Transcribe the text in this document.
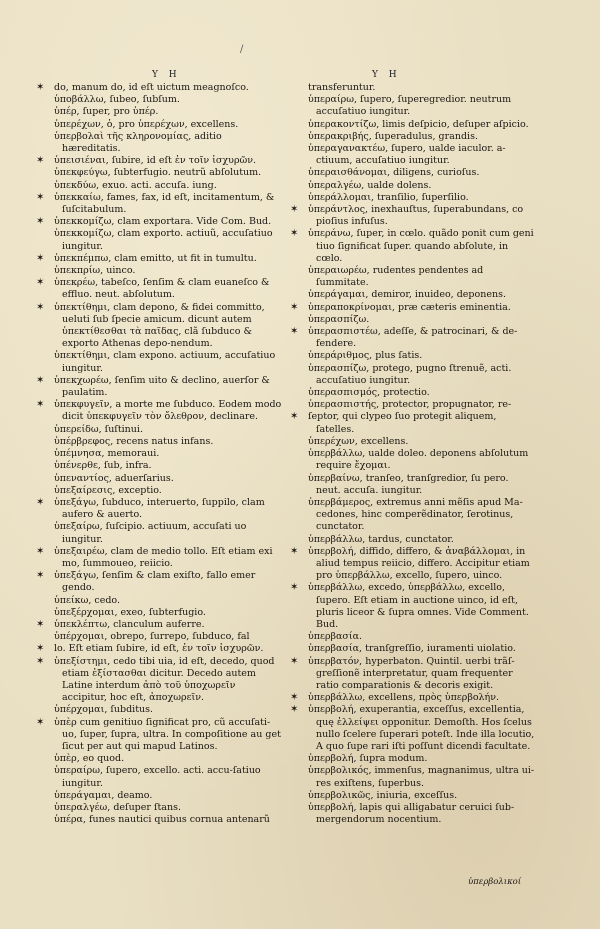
/
Y H	Y H

✶ do, manum do, id eſt uictum meagnoſco.

ὑποβάλλω, ſubeo, ſubſum.

ὑπέρ, ſuper, pro ὑπέρ.

ὑπερέχων, ὁ, pro ὑπερέχων, excellens.

ὑπερβολαὶ τῆς κληρονομίας, aditio hæreditatis.

✶ ὑπεισιέναι, ſubire, id eſt ἐν τοῖν ἰσχυρῶν.

ὑπεκφεύγω, ſubterfugio. neutrũ abſolutum.

ὑπεκδύω, exuo. acti. accuſa. iung.

✶ ὑπεκκαίω, fames, fax, id eſt, incitamentum, & ſuſcitabulum.

✶ ὑπεκκομίζω, clam exportara. Vide Com. Bud.

ὑπεκκομίζω, clam exporto. actiuũ, accuſatiuo iungitur.

✶ ὑπεκπέμπω, clam emitto, ut fit in tumultu.

ὑπεκπρίω, uinco.

✶ ὑπεκρέω, tabeſco, ſenſim & clam euaneſco & effluo. neut. abſolutum.

✶ ὑπεκτίθημι, clam depono, & fidei committo, ueluti ſub ſpecie amicum. dicunt autem ὑπεκτίθεσθαι τὰ παῖδας, clã ſubduco & exporto Athenas depo-nendum.

ὑπεκτίθημι, clam expono. actiuum, accuſatiuo iungitur.

✶ ὑπεκχωρέω, ſenſim uito & declino, auerſor & paulatim.

✶ ὑπεκφυγεῖν, a morte me ſubduco. Eodem modo dicit ὑπεκφυγεῖν τὸν ὄλεθρον, declinare.

ὑπερείδω, ſuſtinui.

ὑπέρβρεφος, recens natus infans.

ὑπέμνησα, memoraui.

ὑπένερθε, ſub, infra.

ὑπεναντίος, aduerſarius.

ὑπεξαίρεσις, exceptio.

✶ ὑπεξάγω, ſubduco, interuerto, ſuppilo, clam aufero & auerto.

ὑπεξαίρω, ſuſcipio. actiuum, accuſati uo iungitur.

✶ ὑπεξαιρέω, clam de medio tollo. Eſt etiam exi mo, ſummoueo, reiicio.

✶ ὑπεξάγω, ſenſim & clam exiſto, fallo emer gendo.

ὑπείκω, cedo.

ὑπεξέρχομαι, exeo, ſubterfugio.

✶ ὑπεκλέπτω, clanculum auferre.

ὑπέρχομαι, obrepo, ſurrepo, ſubduco, fal

✶ lo. Eſt etiam ſubire, id eſt, ἐν τοῖν ἰσχυρῶν.

✶ ὑπεξίστημι, cedo tibi uia, id eſt, decedo, quod etiam ἐξίστασθαι dicitur. Decedo autem Latine interdum ἀπὸ τοῦ ὑποχωρεῖν accipitur, hoc eſt, ἀποχωρεῖν.

ὑπέρχομαι, ſubditus.

✶ ὑπὲρ cum genitiuo ſignificat pro, cũ accuſati-uo, ſuper, ſupra, ultra. In compoſitione au get ſicut per aut qui mapud Latinos.

ὑπὲρ, eo quod.

ὑπεραίρω, ſupero, excello. acti. accu-ſatiuo iungitur.

ὑπεράγαμαι, deamo.

ὑπεραλγέω, deſuper ſtans.

ὑπέρα, funes nautici quibus cornua antenarũ

transferuntur.

ὑπεραίρω, ſupero, ſuperegredior. neutrum accuſatiuo iungitur.

ὑπερακοντίζω, limis deſpicio, deſuper aſpicio.

ὑπερακριβής, ſuperadulus, grandis.

ὑπεραγανακτέω, ſupero, ualde iaculor. a-ctiuum, accuſatiuo iungitur.

ὑπεραισθάνομαι, diligens, curioſus.

ὑπεραλγέω, ualde dolens.

ὑπεράλλομαι, tranſilio, ſuperſilio.

✶ ὑπεράντλος, inexhauſtus, ſuperabundans, co pioſius infuſus.

✶ ὑπεράνω, ſuper, in cœlo. quãdo ponit cum geni tiuo ſignificat ſuper. quando abſolute, in cœlo.

ὑπεραιωρέω, rudentes pendentes ad ſummitate.

ὑπεράγαμαι, demiror, inuideo, deponens.

✶ ὑπεραποκρίνομαι, præ cæteris eminentia.

ὑπερασπίζω.

✶ ὑπερασπιστέω, adeſſe, & patrocinari, & de-fendere.

ὑπεράριθμος, plus ſatis.

ὑπερασπίζω, protego, pugno ſtrenuẽ, acti. accuſatiuo iungitur.

ὑπερασπισμός, protectio.

ὑπερασπιστής, protector, propugnator, re-

✶ ſeptor, qui clypeo ſuo protegit aliquem, ſatelles.

ὑπερέχων, excellens.

ὑπερβάλλω, ualde doleo. deponens abſolutum require ἔχομαι.

ὑπερβαίνω, tranſeo, tranſgredior, ſu pero. neut. accuſa. iungitur.

ὑπερβάμερος, extremus anni mẽſis apud Ma-cedones, hinc comperẽdinator, ſerotinus, cunctator.

ὑπερβάλλω, tardus, cunctator.

✶ ὑπερβολή, diffido, differo, & ἀναβάλλομαι, in aliud tempus reiicio, differo. Accipitur etiam pro ὑπερβάλλω, excello, ſupero, uinco.

✶ ὑπερβάλλω, excedo, ὑπερβάλλω, excello, ſupero. Eſt etiam in auctione uinco, id eſt, pluris liceor & ſupra omnes. Vide Comment. Bud.

ὑπερβασία.

ὑπερβασία, tranſgreſſio, iuramenti uiolatio.

✶ ὑπερβατόν, hyperbaton. Quintil. uerbi trãſ-greſſionẽ interpretatur, quam frequenter ratio comparationis & decoris exigit.

✶ ὑπερβάλλω, excellens, πρὸς ὑπερβολήν.

✶ ὑπερβολή, exuperantia, exceſſus, excellentia, quę ἐλλείψει opponitur. Demoſth. Hos ſcelus nullo ſcelere ſuperari poteſt. Inde illa locutio, A quo ſupe rari iſti poſſunt dicendi facultate.

ὑπερβολή, ſupra modum.

ὑπερβολικός, immenſus, magnanimus, ultra ui-res exiſtens, ſuperbus.

ὑπερβολικῶς, iniuria, exceſſus.

ὑπερβολή, lapis qui alligabatur ceruici ſub-mergendorum nocentium.

ὑπερβολικοί
